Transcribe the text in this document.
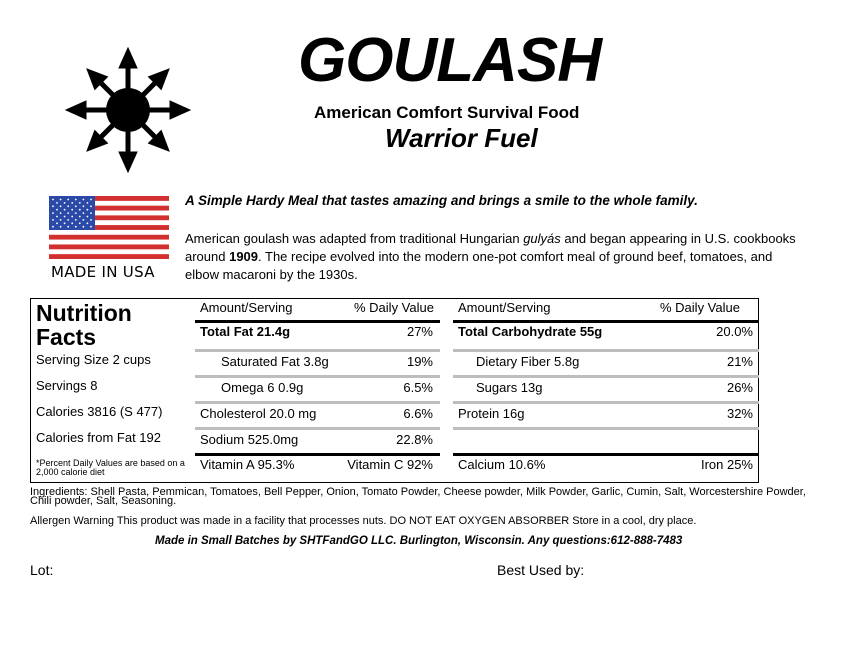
GOULASH
American Comfort Survival Food
Warrior Fuel
MADE IN USA
A Simple Hardy Meal that tastes amazing and brings a smile to the whole family.
American goulash was adapted from traditional Hungarian gulyás and began appearing in U.S. cookbooks around 1909. The recipe evolved into the modern one-pot comfort meal of ground beef, tomatoes, and elbow macaroni by the 1930s.
Nutrition
Facts
Serving Size 2 cups
Servings 8
Calories 3816 (S 477)
Calories from Fat 192
*Percent Daily Values are based on a 2,000 calorie diet
Amount/Serving	% Daily Value
Total Fat 21.4g	27%
Saturated Fat 3.8g	19%
Omega 6 0.9g	6.5%
Cholesterol 20.0 mg	6.6%
Sodium 525.0mg	22.8%
Vitamin A 95.3%	Vitamin C 92%
Amount/Serving	% Daily Value
Total Carbohydrate 55g	20.0%
Dietary Fiber 5.8g	21%
Sugars 13g	26%
Protein 16g	32%
Calcium 10.6%	Iron 25%
Ingredients: Shell Pasta, Pemmican, Tomatoes, Bell Pepper, Onion, Tomato Powder, Cheese powder, Milk Powder, Garlic, Cumin, Salt, Worcestershire Powder, Chili powder, Salt, Seasoning.
Allergen Warning This product was made in a facility that processes nuts. DO NOT EAT OXYGEN ABSORBER Store in a cool, dry place.
Made in Small Batches by SHTFandGO LLC. Burlington, Wisconsin. Any questions:612-888-7483
Lot:	Best Used by:
